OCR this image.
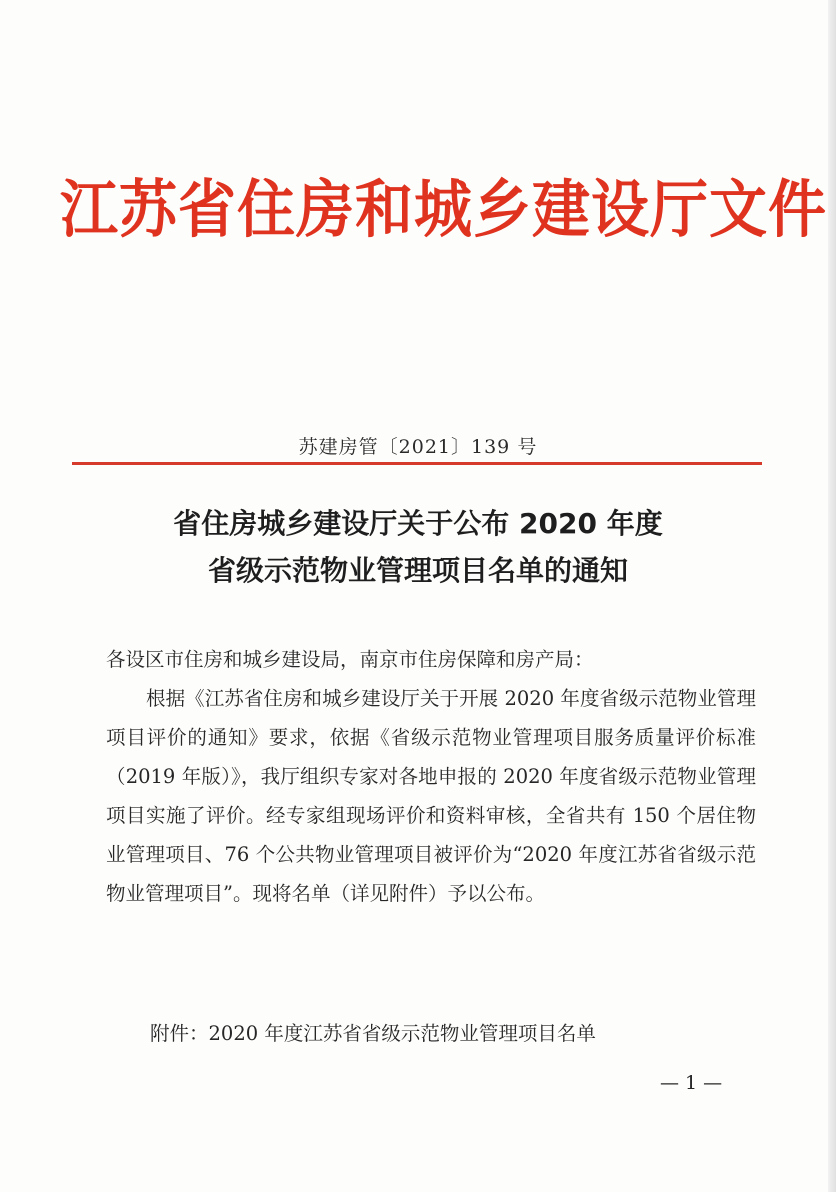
江苏省住房和城乡建设厅文件
苏建房管〔2021〕139 号
省住房城乡建设厅关于公布 2020 年度
省级示范物业管理项目名单的通知
各设区市住房和城乡建设局，南京市住房保障和房产局：
根据《江苏省住房和城乡建设厅关于开展 2020 年度省级示范物业管理项目评价的通知》要求，依据《省级示范物业管理项目服务质量评价标准（2019 年版）》，我厅组织专家对各地申报的 2020 年度省级示范物业管理项目实施了评价。经专家组现场评价和资料审核，全省共有 150 个居住物业管理项目、76 个公共物业管理项目被评价为“2020 年度江苏省省级示范物业管理项目”。现将名单（详见附件）予以公布。
附件：2020 年度江苏省省级示范物业管理项目名单
— 1 —
